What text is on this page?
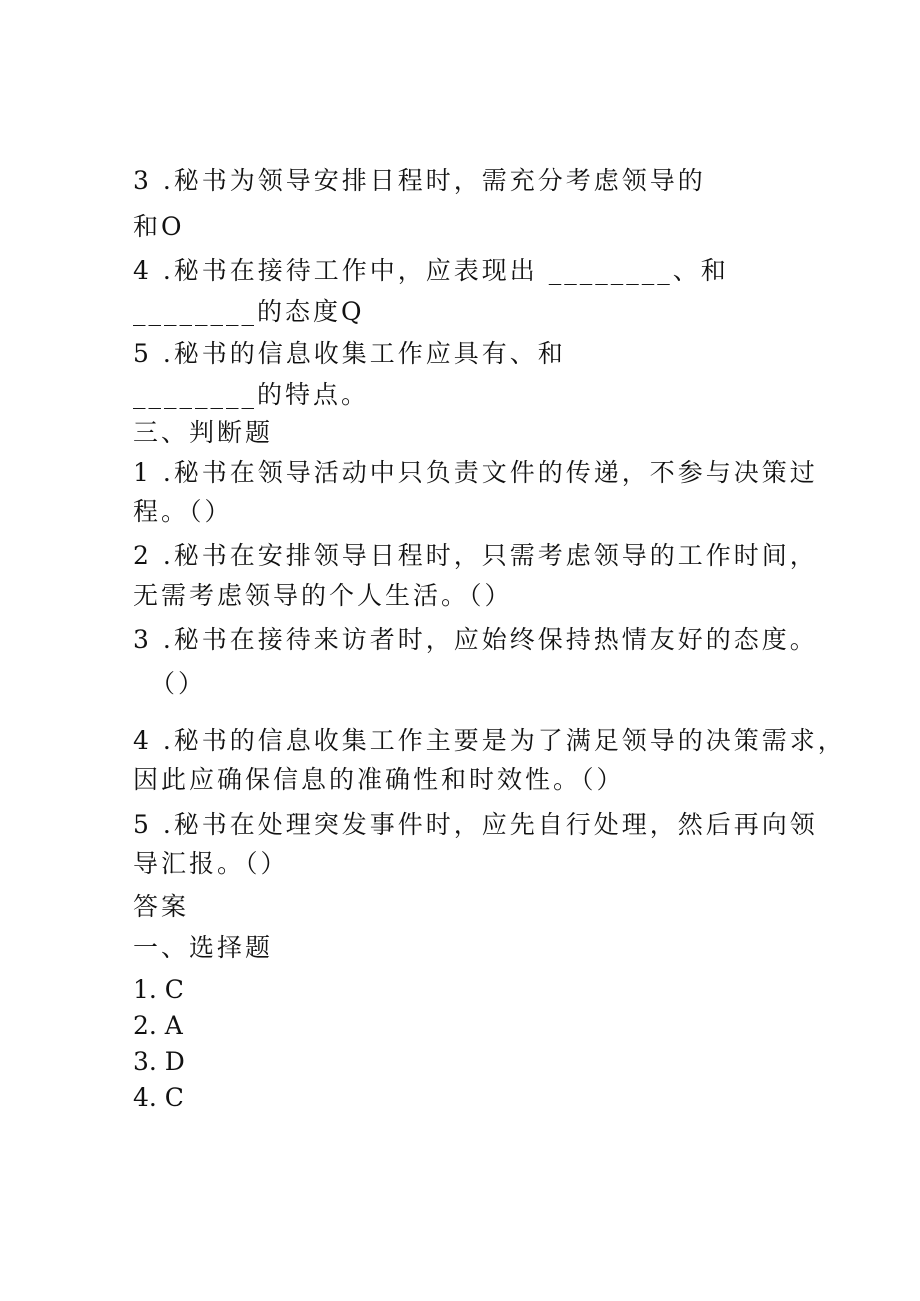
3 .秘书为领导安排日程时，需充分考虑领导的
和O
4 .秘书在接待工作中，应表现出 ________、和
________的态度Q
5 .秘书的信息收集工作应具有、和
________的特点。
三、判断题
1 .秘书在领导活动中只负责文件的传递，不参与决策过
程。（）
2 .秘书在安排领导日程时，只需考虑领导的工作时间，
无需考虑领导的个人生活。（）
3 .秘书在接待来访者时，应始终保持热情友好的态度。
（）
4 .秘书的信息收集工作主要是为了满足领导的决策需求，
因此应确保信息的准确性和时效性。（）
5 .秘书在处理突发事件时，应先自行处理，然后再向领
导汇报。（）
答案
一、选择题
1. C
2. A
3. D
4. C
